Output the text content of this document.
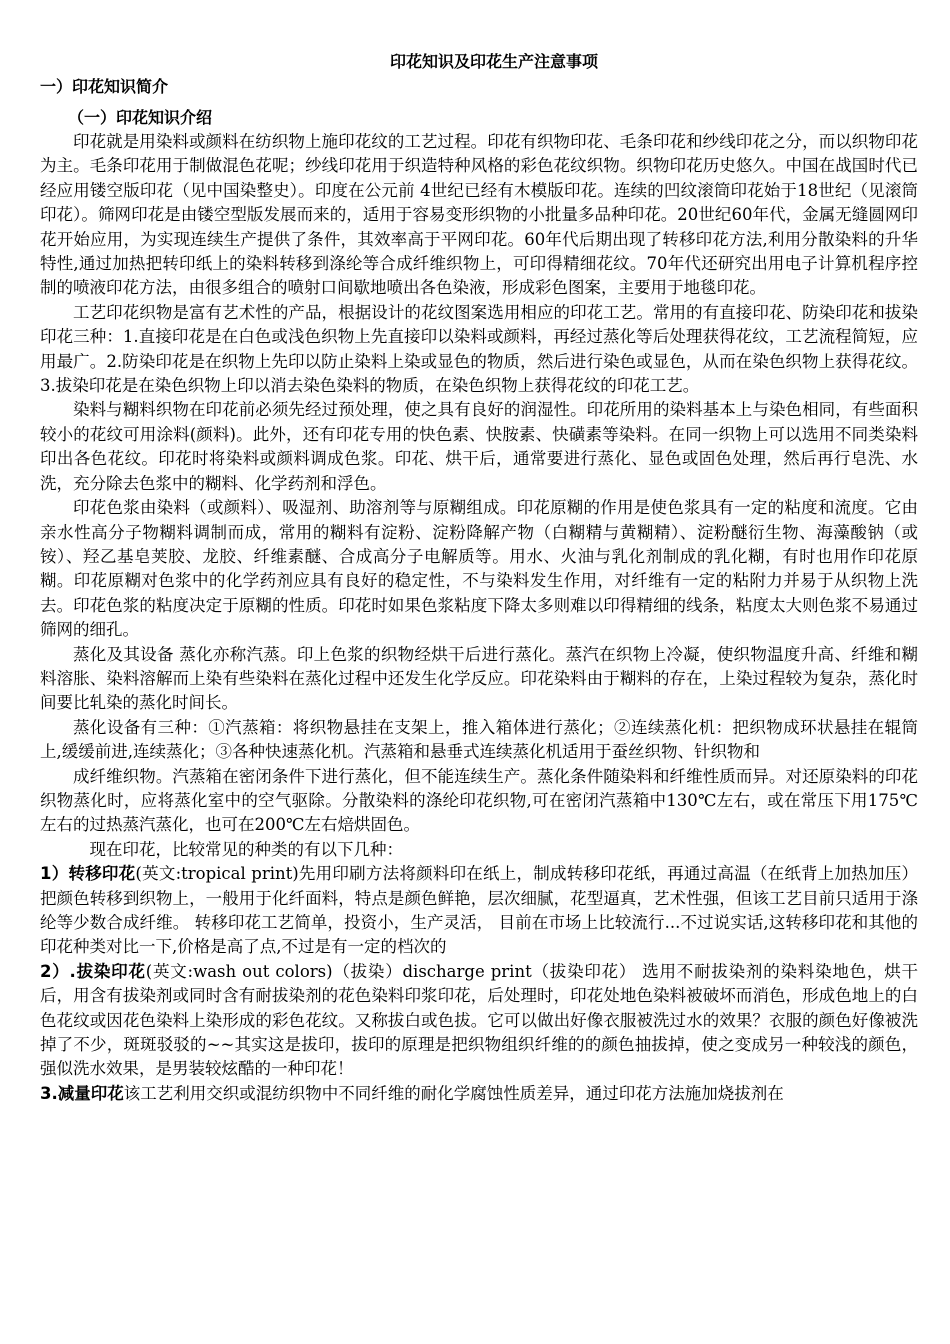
印花知识及印花生产注意事项
一）印花知识简介
（一）印花知识介绍

印花就是用染料或颜料在纺织物上施印花纹的工艺过程。印花有织物印花、毛条印花和纱线印花之分，而以织物印花为主。毛条印花用于制做混色花呢；纱线印花用于织造特种风格的彩色花纹织物。织物印花历史悠久。中国在战国时代已经应用镂空版印花（见中国染整史）。印度在公元前 4世纪已经有木模版印花。连续的凹纹滚筒印花始于18世纪（见滚筒印花）。筛网印花是由镂空型版发展而来的，适用于容易变形织物的小批量多品种印花。20世纪60年代，金属无缝圆网印花开始应用，为实现连续生产提供了条件，其效率高于平网印花。60年代后期出现了转移印花方法,利用分散染料的升华特性,通过加热把转印纸上的染料转移到涤纶等合成纤维织物上，可印得精细花纹。70年代还研究出用电子计算机程序控制的喷液印花方法，由很多组合的喷射口间歇地喷出各色染液，形成彩色图案，主要用于地毯印花。

工艺印花织物是富有艺术性的产品，根据设计的花纹图案选用相应的印花工艺。常用的有直接印花、防染印花和拔染印花三种：1.直接印花是在白色或浅色织物上先直接印以染料或颜料，再经过蒸化等后处理获得花纹，工艺流程简短，应用最广。2.防染印花是在织物上先印以防止染料上染或显色的物质，然后进行染色或显色，从而在染色织物上获得花纹。3.拔染印花是在染色织物上印以消去染色染料的物质，在染色织物上获得花纹的印花工艺。

染料与糊料织物在印花前必须先经过预处理，使之具有良好的润湿性。印花所用的染料基本上与染色相同，有些面积较小的花纹可用涂料(颜料)。此外，还有印花专用的快色素、快胺素、快磺素等染料。在同一织物上可以选用不同类染料印出各色花纹。印花时将染料或颜料调成色浆。印花、烘干后，通常要进行蒸化、显色或固色处理，然后再行皂洗、水洗，充分除去色浆中的糊料、化学药剂和浮色。

印花色浆由染料（或颜料）、吸湿剂、助溶剂等与原糊组成。印花原糊的作用是使色浆具有一定的粘度和流度。它由亲水性高分子物糊料调制而成，常用的糊料有淀粉、淀粉降解产物（白糊精与黄糊精）、淀粉醚衍生物、海藻酸钠（或铵）、羟乙基皂荚胶、龙胶、纤维素醚、合成高分子电解质等。用水、火油与乳化剂制成的乳化糊，有时也用作印花原糊。印花原糊对色浆中的化学药剂应具有良好的稳定性，不与染料发生作用，对纤维有一定的粘附力并易于从织物上洗去。印花色浆的粘度决定于原糊的性质。印花时如果色浆粘度下降太多则难以印得精细的线条，粘度太大则色浆不易通过筛网的细孔。

蒸化及其设备 蒸化亦称汽蒸。印上色浆的织物经烘干后进行蒸化。蒸汽在织物上冷凝，使织物温度升高、纤维和糊料溶胀、染料溶解而上染有些染料在蒸化过程中还发生化学反应。印花染料由于糊料的存在，上染过程较为复杂，蒸化时间要比轧染的蒸化时间长。

蒸化设备有三种：①汽蒸箱：将织物悬挂在支架上，推入箱体进行蒸化；②连续蒸化机：把织物成环状悬挂在辊筒上,缓缓前进,连续蒸化；③各种快速蒸化机。汽蒸箱和悬垂式连续蒸化机适用于蚕丝织物、针织物和

成纤维织物。汽蒸箱在密闭条件下进行蒸化，但不能连续生产。蒸化条件随染料和纤维性质而异。对还原染料的印花织物蒸化时，应将蒸化室中的空气驱除。分散染料的涤纶印花织物,可在密闭汽蒸箱中130℃左右，或在常压下用175℃左右的过热蒸汽蒸化，也可在200℃左右焙烘固色。

现在印花，比较常见的种类的有以下几种：

1）转移印花(英文:tropical print)先用印刷方法将颜料印在纸上，制成转移印花纸，再通过高温（在纸背上加热加压）把颜色转移到织物上，一般用于化纤面料，特点是颜色鲜艳，层次细腻，花型逼真，艺术性强，但该工艺目前只适用于涤纶等少数合成纤维。 转移印花工艺简单，投资小，生产灵活， 目前在市场上比较流行...不过说实话,这转移印花和其他的印花种类对比一下,价格是高了点,不过是有一定的档次的

2）.拔染印花(英文:wash out colors)（拔染）discharge print（拔染印花） 选用不耐拔染剂的染料染地色，烘干后，用含有拔染剂或同时含有耐拔染剂的花色染料印浆印花，后处理时，印花处地色染料被破坏而消色，形成色地上的白色花纹或因花色染料上染形成的彩色花纹。又称拔白或色拔。它可以做出好像衣服被洗过水的效果？衣服的颜色好像被洗掉了不少，斑斑驳驳的~~其实这是拔印，拔印的原理是把织物组织纤维的的颜色抽拔掉，使之变成另一种较浅的颜色，强似洗水效果，是男装较炫酷的一种印花！

3.减量印花该工艺利用交织或混纺织物中不同纤维的耐化学腐蚀性质差异，通过印花方法施加烧拔剂在
